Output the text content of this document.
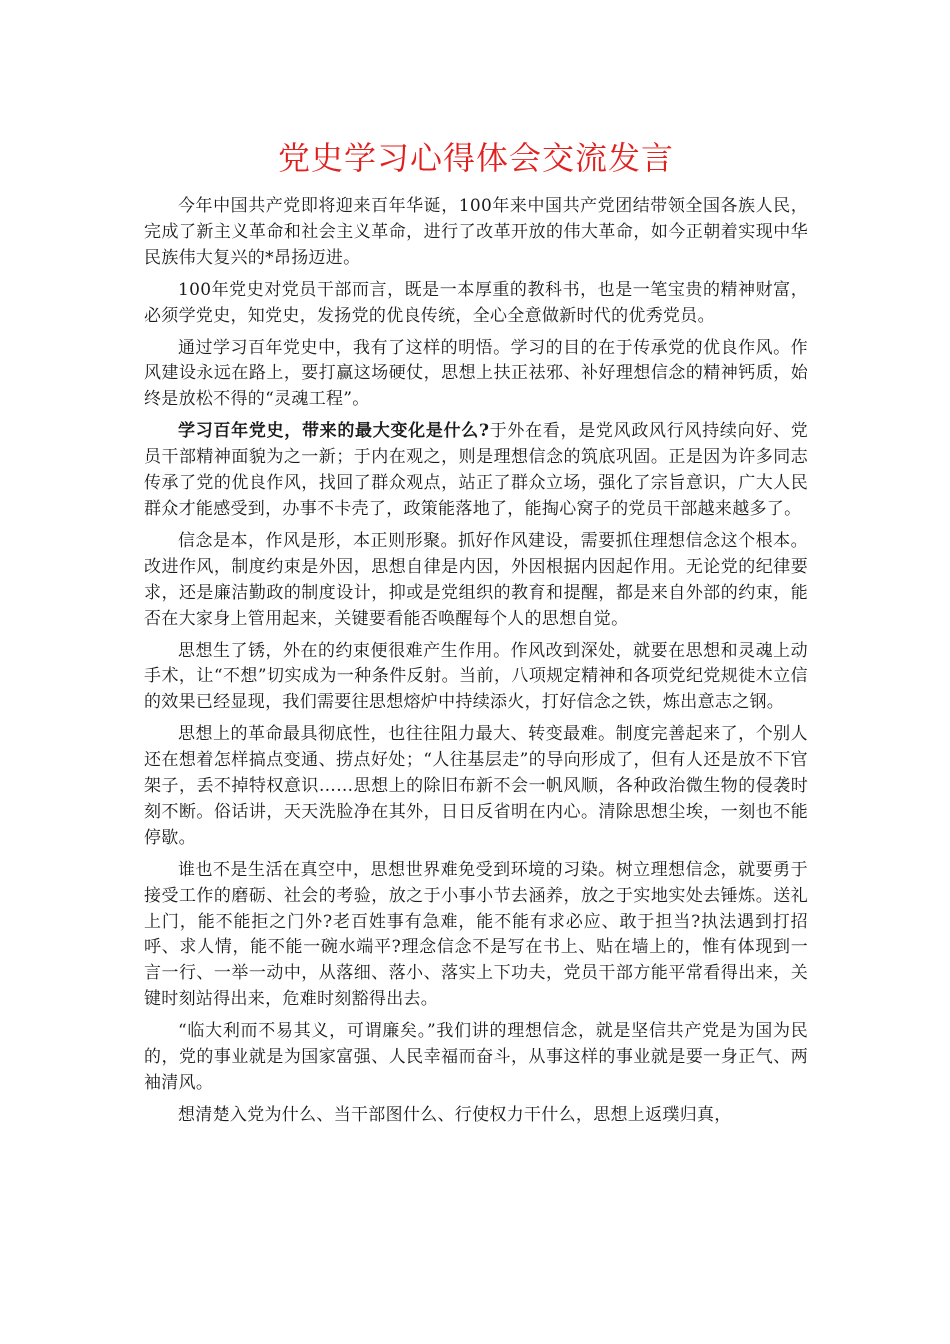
党史学习心得体会交流发言

今年中国共产党即将迎来百年华诞，100年来中国共产党团结带领全国各族人民，完成了新主义革命和社会主义革命，进行了改革开放的伟大革命，如今正朝着实现中华民族伟大复兴的*昂扬迈进。

100年党史对党员干部而言，既是一本厚重的教科书，也是一笔宝贵的精神财富，必须学党史，知党史，发扬党的优良传统，全心全意做新时代的优秀党员。

通过学习百年党史中，我有了这样的明悟。学习的目的在于传承党的优良作风。作风建设永远在路上，要打赢这场硬仗，思想上扶正祛邪、补好理想信念的精神钙质，始终是放松不得的“灵魂工程”。

学习百年党史，带来的最大变化是什么?于外在看，是党风政风行风持续向好、党员干部精神面貌为之一新；于内在观之，则是理想信念的筑底巩固。正是因为许多同志传承了党的优良作风，找回了群众观点，站正了群众立场，强化了宗旨意识，广大人民群众才能感受到，办事不卡壳了，政策能落地了，能掏心窝子的党员干部越来越多了。

信念是本，作风是形，本正则形聚。抓好作风建设，需要抓住理想信念这个根本。改进作风，制度约束是外因，思想自律是内因，外因根据内因起作用。无论党的纪律要求，还是廉洁勤政的制度设计，抑或是党组织的教育和提醒，都是来自外部的约束，能否在大家身上管用起来，关键要看能否唤醒每个人的思想自觉。

思想生了锈，外在的约束便很难产生作用。作风改到深处，就要在思想和灵魂上动手术，让“不想”切实成为一种条件反射。当前，八项规定精神和各项党纪党规徙木立信的效果已经显现，我们需要往思想熔炉中持续添火，打好信念之铁，炼出意志之钢。

思想上的革命最具彻底性，也往往阻力最大、转变最难。制度完善起来了，个别人还在想着怎样搞点变通、捞点好处；“人往基层走”的导向形成了，但有人还是放不下官架子，丢不掉特权意识……思想上的除旧布新不会一帆风顺，各种政治微生物的侵袭时刻不断。俗话讲，天天洗脸净在其外，日日反省明在内心。清除思想尘埃，一刻也不能停歇。

谁也不是生活在真空中，思想世界难免受到环境的习染。树立理想信念，就要勇于接受工作的磨砺、社会的考验，放之于小事小节去涵养，放之于实地实处去锤炼。送礼上门，能不能拒之门外?老百姓事有急难，能不能有求必应、敢于担当?执法遇到打招呼、求人情，能不能一碗水端平?理念信念不是写在书上、贴在墙上的，惟有体现到一言一行、一举一动中，从落细、落小、落实上下功夫，党员干部方能平常看得出来，关键时刻站得出来，危难时刻豁得出去。

“临大利而不易其义，可谓廉矣。”我们讲的理想信念，就是坚信共产党是为国为民的，党的事业就是为国家富强、人民幸福而奋斗，从事这样的事业就是要一身正气、两袖清风。

想清楚入党为什么、当干部图什么、行使权力干什么，思想上返璞归真，
